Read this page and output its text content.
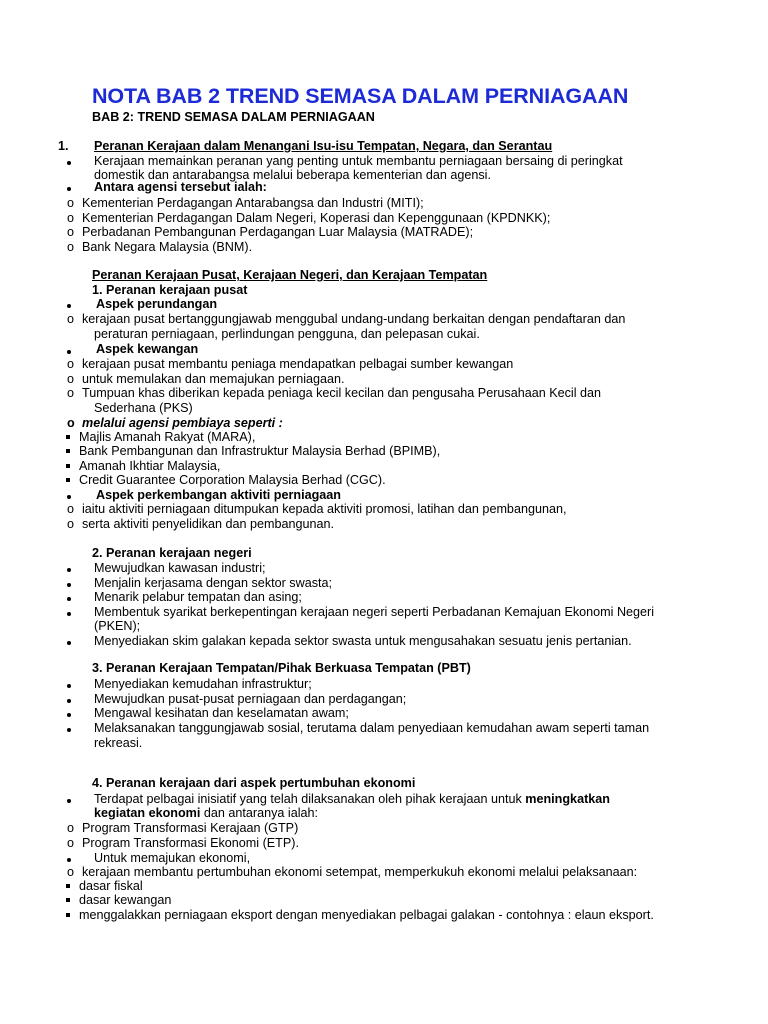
NOTA BAB 2 TREND SEMASA DALAM PERNIAGAAN
BAB 2: TREND SEMASA DALAM PERNIAGAAN
1. Peranan Kerajaan dalam Menangani Isu-isu Tempatan, Negara, dan Serantau
Kerajaan memainkan peranan yang penting untuk membantu perniagaan bersaing di peringkat
domestik dan antarabangsa melalui beberapa kementerian dan agensi.
Antara agensi tersebut ialah:
o Kementerian Perdagangan Antarabangsa dan Industri (MITI);
o Kementerian Perdagangan Dalam Negeri, Koperasi dan Kepenggunaan (KPDNKK);
o Perbadanan Pembangunan Perdagangan Luar Malaysia (MATRADE);
o Bank Negara Malaysia (BNM).
Peranan Kerajaan Pusat, Kerajaan Negeri, dan Kerajaan Tempatan
1. Peranan kerajaan pusat
Aspek perundangan
o kerajaan pusat bertanggungjawab menggubal undang-undang berkaitan dengan pendaftaran dan
peraturan perniagaan, perlindungan pengguna, dan pelepasan cukai.
Aspek kewangan
o kerajaan pusat membantu peniaga mendapatkan pelbagai sumber kewangan
o untuk memulakan dan memajukan perniagaan.
o Tumpuan khas diberikan kepada peniaga kecil kecilan dan pengusaha Perusahaan Kecil dan
Sederhana (PKS)
o melalui agensi pembiaya seperti :
Majlis Amanah Rakyat (MARA),
Bank Pembangunan dan Infrastruktur Malaysia Berhad (BPIMB),
Amanah Ikhtiar Malaysia,
Credit Guarantee Corporation Malaysia Berhad (CGC).
Aspek perkembangan aktiviti perniagaan
o iaitu aktiviti perniagaan ditumpukan kepada aktiviti promosi, latihan dan pembangunan,
o serta aktiviti penyelidikan dan pembangunan.
2. Peranan kerajaan negeri
Mewujudkan kawasan industri;
Menjalin kerjasama dengan sektor swasta;
Menarik pelabur tempatan dan asing;
Membentuk syarikat berkepentingan kerajaan negeri seperti Perbadanan Kemajuan Ekonomi Negeri
(PKEN);
Menyediakan skim galakan kepada sektor swasta untuk mengusahakan sesuatu jenis pertanian.
3. Peranan Kerajaan Tempatan/Pihak Berkuasa Tempatan (PBT)
Menyediakan kemudahan infrastruktur;
Mewujudkan pusat-pusat perniagaan dan perdagangan;
Mengawal kesihatan dan keselamatan awam;
Melaksanakan tanggungjawab sosial, terutama dalam penyediaan kemudahan awam seperti taman
rekreasi.
4. Peranan kerajaan dari aspek pertumbuhan ekonomi
Terdapat pelbagai inisiatif yang telah dilaksanakan oleh pihak kerajaan untuk meningkatkan
kegiatan ekonomi dan antaranya ialah:
o Program Transformasi Kerajaan (GTP)
o Program Transformasi Ekonomi (ETP).
Untuk memajukan ekonomi,
o kerajaan membantu pertumbuhan ekonomi setempat, memperkukuh ekonomi melalui pelaksanaan:
dasar fiskal
dasar kewangan
menggalakkan perniagaan eksport dengan menyediakan pelbagai galakan - contohnya : elaun eksport.
